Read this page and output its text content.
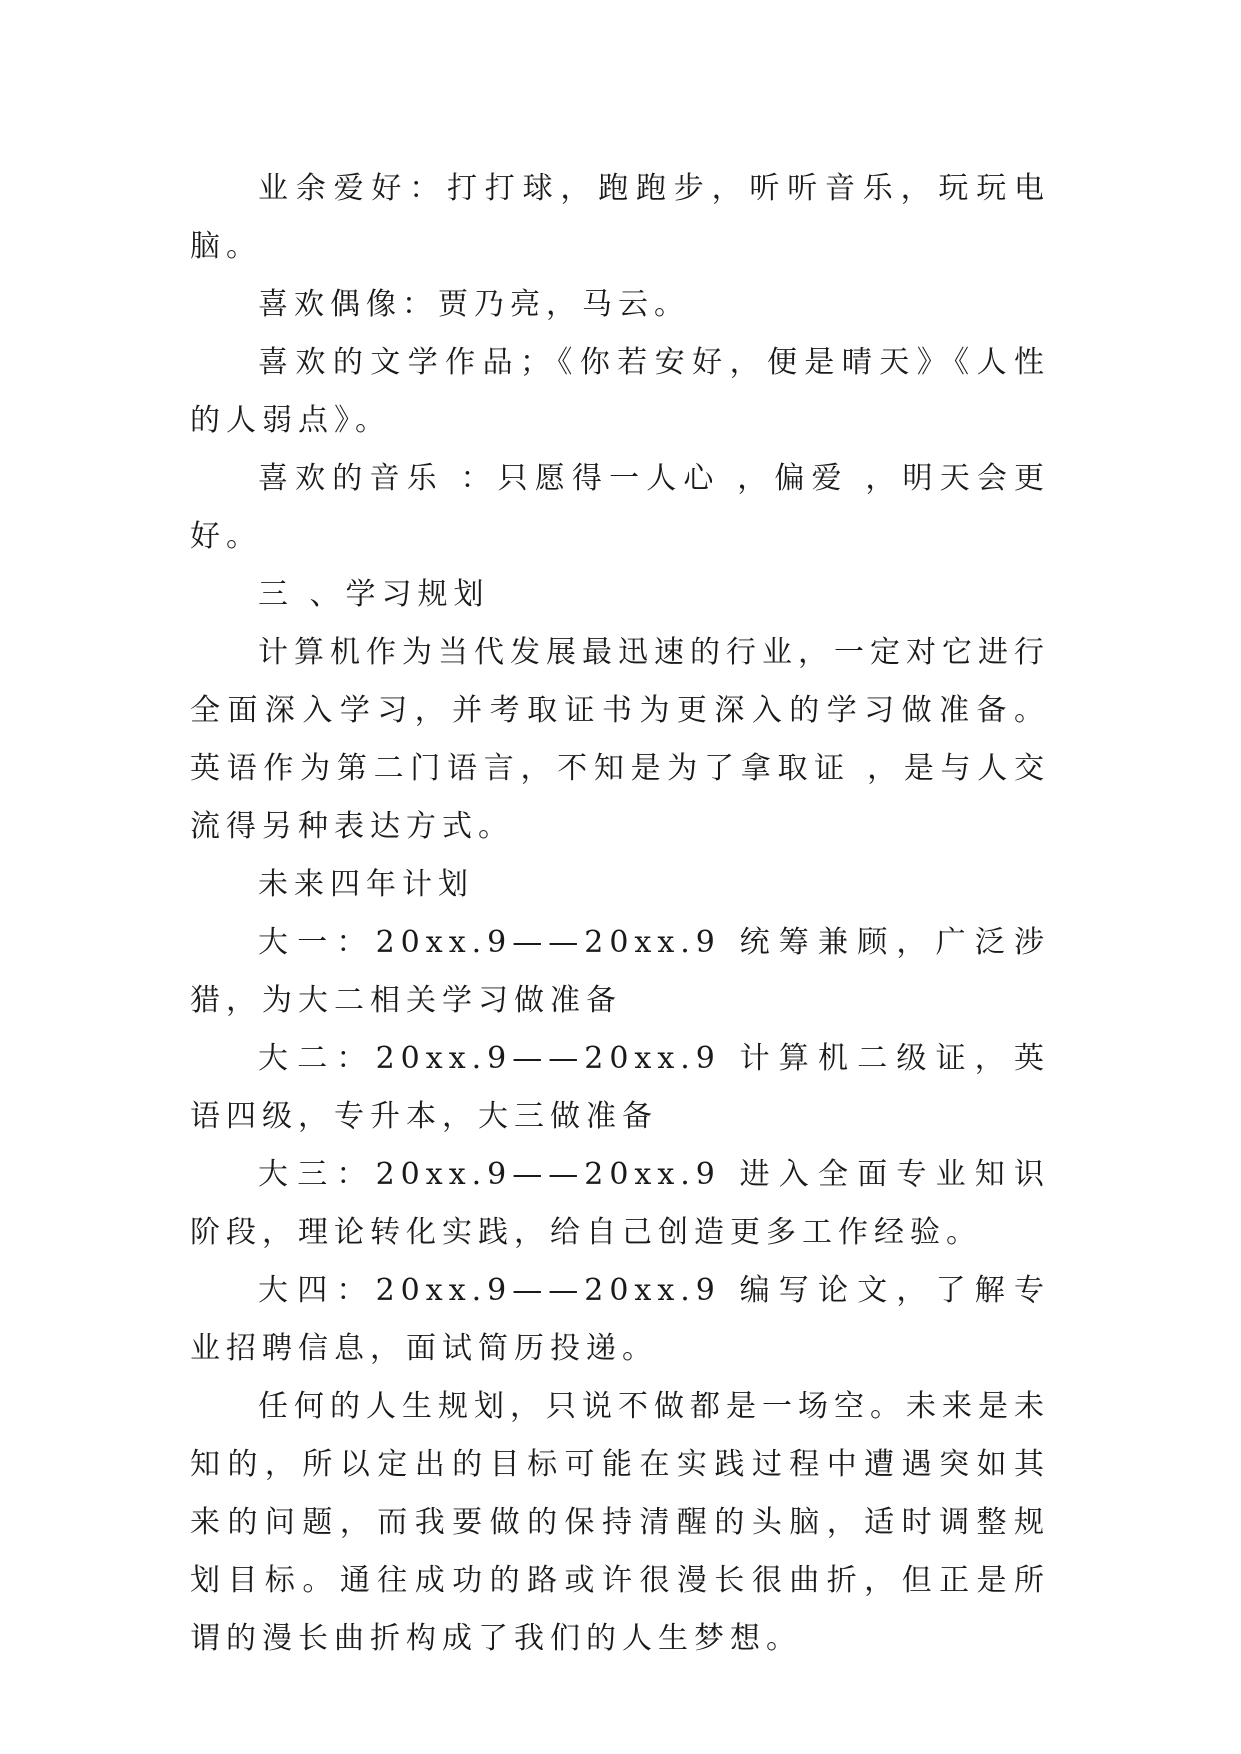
业余爱好：打打球，跑跑步，听听音乐，玩玩电脑。

喜欢偶像：贾乃亮，马云。

喜欢的文学作品；《你若安好，便是晴天》《人性的人弱点》。

喜欢的音乐 ：只愿得一人心 ，偏爱 ，明天会更好。

三 、学习规划

计算机作为当代发展最迅速的行业，一定对它进行全面深入学习，并考取证书为更深入的学习做准备。英语作为第二门语言，不知是为了拿取证 ，是与人交流得另种表达方式。

未来四年计划

大一：20xx.9——20xx.9 统筹兼顾，广泛涉猎，为大二相关学习做准备

大二：20xx.9——20xx.9 计算机二级证，英语四级，专升本，大三做准备

大三：20xx.9——20xx.9 进入全面专业知识阶段，理论转化实践，给自己创造更多工作经验。

大四：20xx.9——20xx.9 编写论文，了解专业招聘信息，面试简历投递。

任何的人生规划，只说不做都是一场空。未来是未知的，所以定出的目标可能在实践过程中遭遇突如其来的问题，而我要做的保持清醒的头脑，适时调整规划目标。通往成功的路或许很漫长很曲折，但正是所谓的漫长曲折构成了我们的人生梦想。
